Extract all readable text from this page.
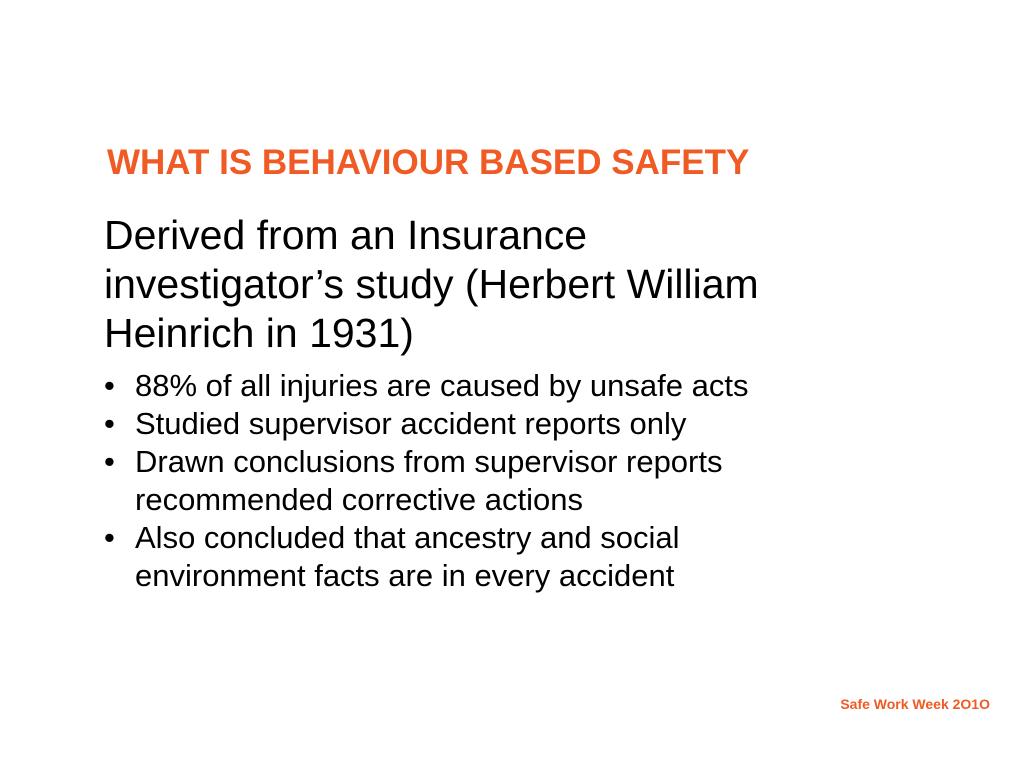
WHAT IS BEHAVIOUR BASED SAFETY
Derived from an Insurance
investigator’s study (Herbert William
Heinrich in 1931)
• 88% of all injuries are caused by unsafe acts
• Studied supervisor accident reports only
• Drawn conclusions from supervisor reports
recommended corrective actions
• Also concluded that ancestry and social
environment facts are in every accident
Safe Work Week 2O1O
